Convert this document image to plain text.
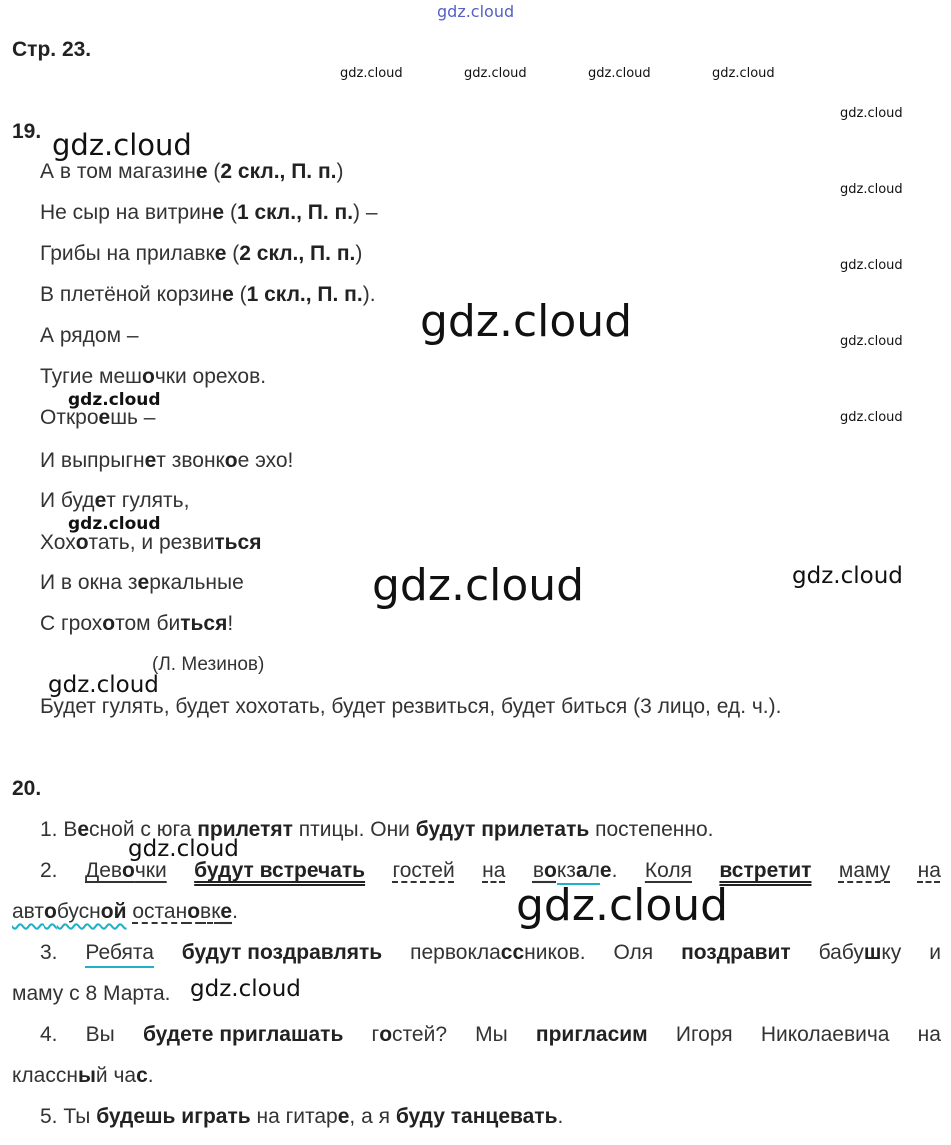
gdz.cloud
gdz.cloud	gdz.cloud	gdz.cloud	gdz.cloud
gdz.cloud
gdz.cloud
gdz.cloud
gdz.cloud
gdz.cloud
gdz.cloud
gdz.cloud
gdz.cloud
gdz.cloud
gdz.cloud
gdz.cloud
gdz.cloud
gdz.cloud
gdz.cloud
gdz.cloud
Стр. 23.
19.
А в том магазине (2 скл., П. п.)
Не сыр на витрине (1 скл., П. п.) –
Грибы на прилавке (2 скл., П. п.)
В плетёной корзине (1 скл., П. п.).
А рядом –
Тугие мешочки орехов.
Откроешь –
И выпрыгнет звонкое эхо!
И будет гулять,
Хохотать, и резвиться
И в окна зеркальные
С грохотом биться!
(Л. Мезинов)
Будет гулять, будет хохотать, будет резвиться, будет биться (3 лицо, ед. ч.).
20.
1. Весной с юга прилетят птицы. Они будут прилетать постепенно.
2. Девочки будут встречать гостей на вокзале. Коля встретит маму на
автобусной остановке.
3. Ребята будут поздравлять первоклассников. Оля поздравит бабушку и
маму с 8 Марта.
4. Вы будете приглашать гостей? Мы пригласим Игоря Николаевича на
классный час.
5. Ты будешь играть на гитаре, а я буду танцевать.
